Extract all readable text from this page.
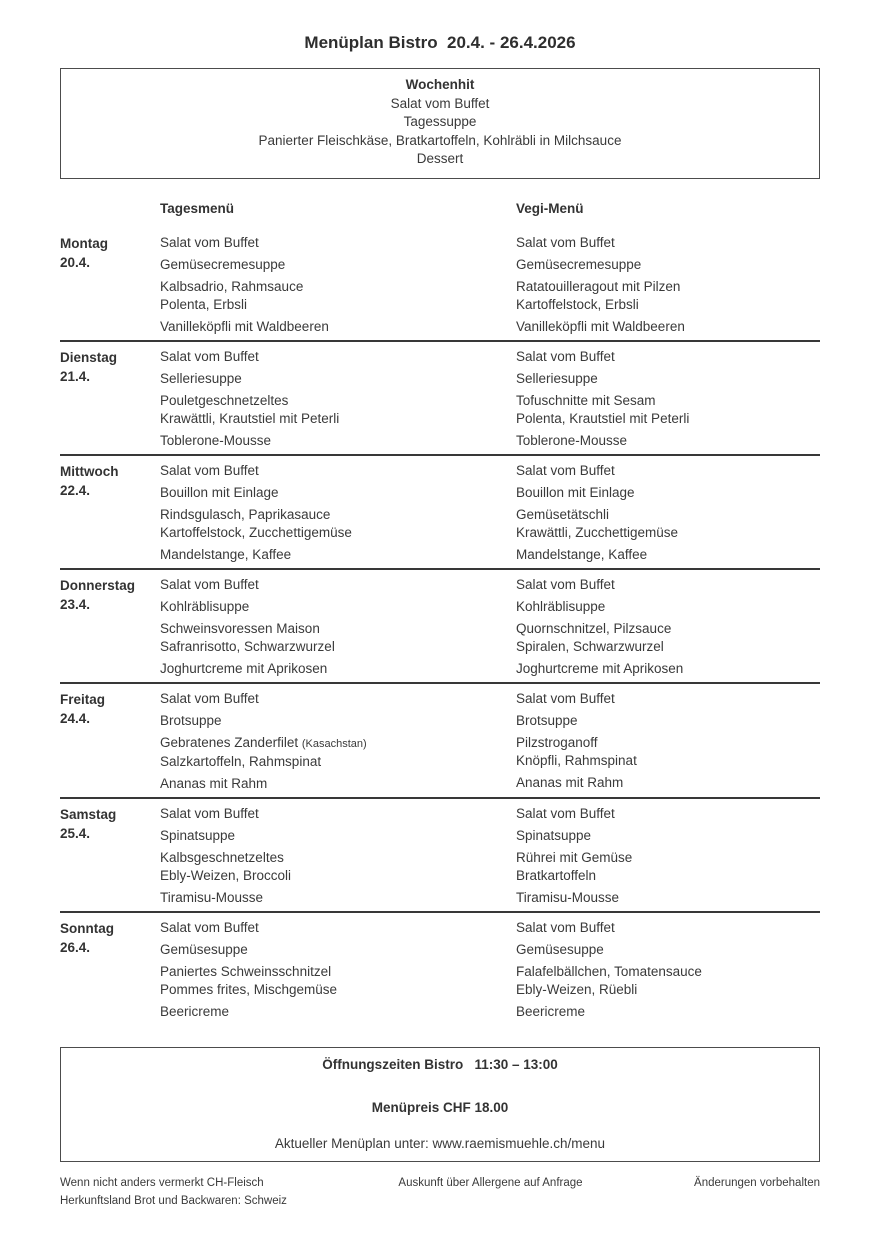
Menüplan Bistro  20.4. - 26.4.2026
Wochenhit
Salat vom Buffet
Tagessuppe
Panierter Fleischkäse, Bratkartoffeln, Kohlräbli in Milchsauce
Dessert
Tagesmenü	Vegi-Menü
Montag
20.4.
Salat vom Buffet
Gemüsecremesuppe
Kalbsadrio, Rahmsauce
Polenta, Erbsli
Vanilleköpfli mit Waldbeeren
Salat vom Buffet
Gemüsecremesuppe
Ratatouilleragout mit Pilzen
Kartoffelstock, Erbsli
Vanilleköpfli mit Waldbeeren
Dienstag
21.4.
Salat vom Buffet
Selleriesuppe
Pouletgeschnetzeltes
Krawättli, Krautstiel mit Peterli
Toblerone-Mousse
Salat vom Buffet
Selleriesuppe
Tofuschnitte mit Sesam
Polenta, Krautstiel mit Peterli
Toblerone-Mousse
Mittwoch
22.4.
Salat vom Buffet
Bouillon mit Einlage
Rindsgulasch, Paprikasauce
Kartoffelstock, Zucchettigemüse
Mandelstange, Kaffee
Salat vom Buffet
Bouillon mit Einlage
Gemüsetätschli
Krawättli, Zucchettigemüse
Mandelstange, Kaffee
Donnerstag
23.4.
Salat vom Buffet
Kohlräblisuppe
Schweinsvoressen Maison
Safranrisotto, Schwarzwurzel
Joghurtcreme mit Aprikosen
Salat vom Buffet
Kohlräblisuppe
Quornschnitzel, Pilzsauce
Spiralen, Schwarzwurzel
Joghurtcreme mit Aprikosen
Freitag
24.4.
Salat vom Buffet
Brotsuppe
Gebratenes Zanderfilet (Kasachstan)
Salzkartoffeln, Rahmspinat
Ananas mit Rahm
Salat vom Buffet
Brotsuppe
Pilzstroganoff
Knöpfli, Rahmspinat
Ananas mit Rahm
Samstag
25.4.
Salat vom Buffet
Spinatsuppe
Kalbsgeschnetzeltes
Ebly-Weizen, Broccoli
Tiramisu-Mousse
Salat vom Buffet
Spinatsuppe
Rührei mit Gemüse
Bratkartoffeln
Tiramisu-Mousse
Sonntag
26.4.
Salat vom Buffet
Gemüsesuppe
Paniertes Schweinsschnitzel
Pommes frites, Mischgemüse
Beericreme
Salat vom Buffet
Gemüsesuppe
Falafelbällchen, Tomatensauce
Ebly-Weizen, Rüebli
Beericreme
Öffnungszeiten Bistro   11:30 – 13:00
Menüpreis CHF 18.00
Aktueller Menüplan unter: www.raemismuehle.ch/menu
Wenn nicht anders vermerkt CH-Fleisch
Herkunftsland Brot und Backwaren: Schweiz
Auskunft über Allergene auf Anfrage	Änderungen vorbehalten
